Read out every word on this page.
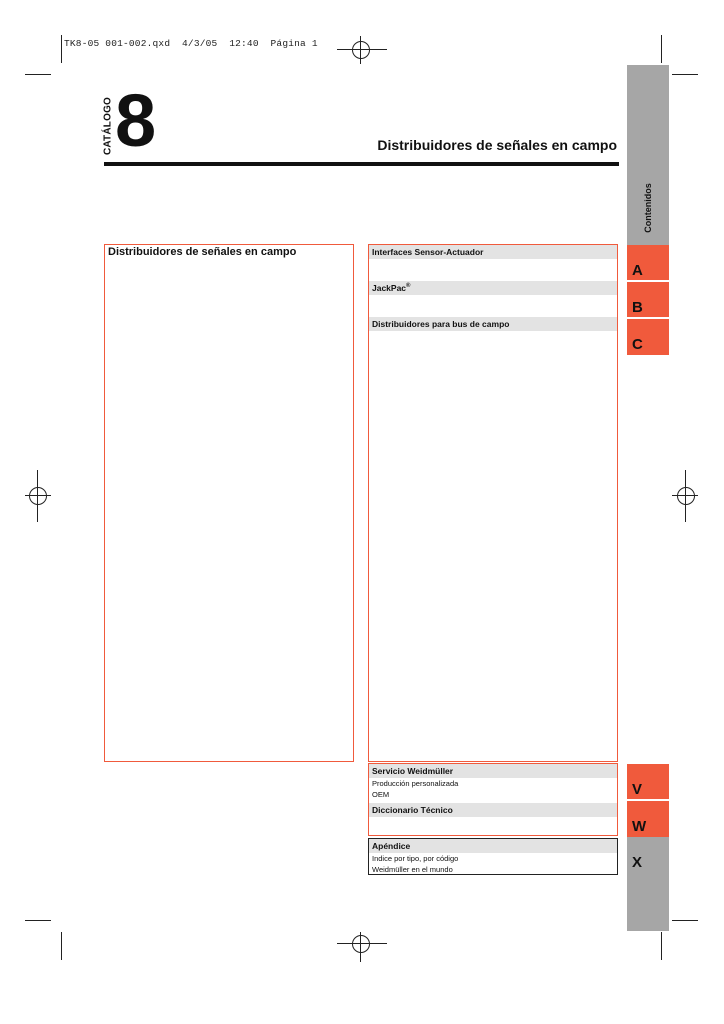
TK8-05 001-002.qxd  4/3/05  12:40  Página 1
CATÁLOGO 8	Distribuidores de señales en campo
Contenidos
A
B
C
V
W
X
Distribuidores de señales en campo	Interfaces Sensor-Actuador
JackPac®
Distribuidores para bus de campo
Servicio Weidmüller
Producción personalizada
OEM
Diccionario Técnico
Apéndice
Indice por tipo, por código
Weidmüller en el mundo
